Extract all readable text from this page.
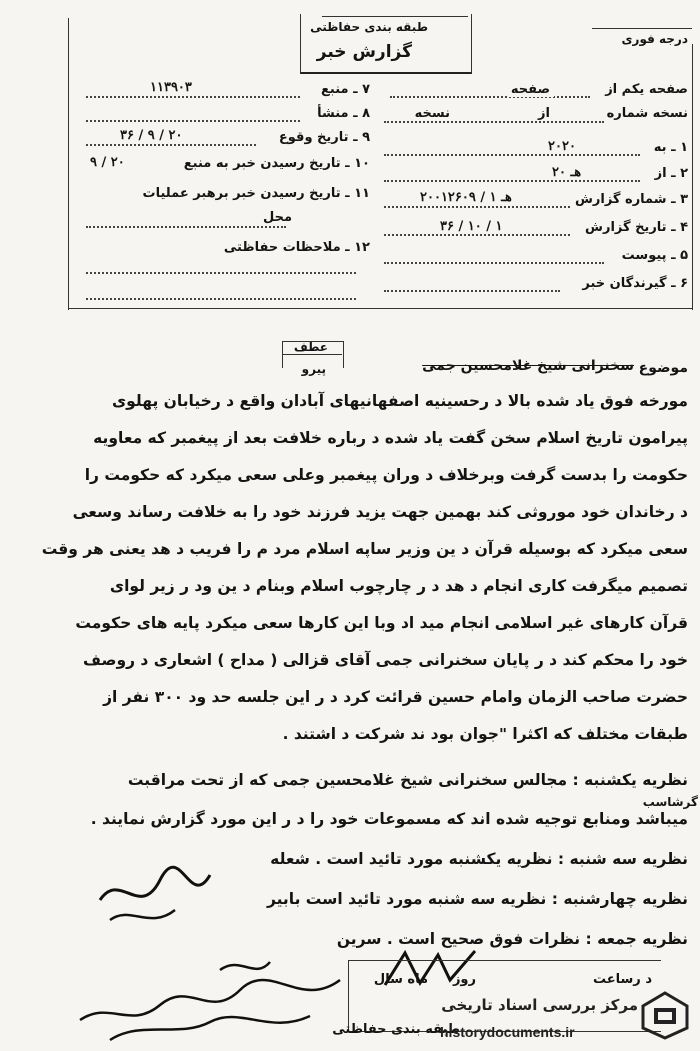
طبقه بندی حفاظتی
گزارش خبر
درجه فوری
صفحه یکم از
صفحه
نسخه شماره
از
نسخه
۱ ـ به
۲۰۲۰
۲ ـ از
۲۰ هـ
۳ ـ شماره گزارش
۲۰۰۱۲۶۰۹ / هـ ۱
۴ ـ تاریخ گزارش
۳۶ / ۱۰ / ۱
۵ ـ پیوست
۶ ـ گیرندگان خبر
۷ ـ منبع
۱۱۳۹۰۳
۸ ـ منشأ
۹ ـ تاریخ وقوع
۳۶ / ۹ / ۲۰
۱۰ ـ تاریخ رسیدن خبر به منبع
۹ / ۲۰
۱۱ ـ تاریخ رسیدن خبر برهبر عملیات
محل
۱۲ ـ ملاحظات حفاظتی
عطف
پیرو	موضوع
سخنرانی شیخ غلامحسین جمی
مورخه فوق یاد شده بالا د رحسینیه اصفهانیهای آبادان واقع د رخیابان پهلوی
پیرامون تاریخ اسلام سخن گفت یاد شده د رباره خلافت بعد از پیغمبر که معاویه
حکومت را بدست گرفت وبرخلاف د وران پیغمبر وعلی سعی میکرد که حکومت را
د رخاندان خود موروثی کند بهمین جهت یزید فرزند خود را به خلافت رساند وسعی
سعی میکرد که بوسیله قرآن د ین وزیر ساپه اسلام مرد م را فریب د هد یعنی هر وقت
تصمیم میگرفت کاری انجام د هد د ر چارچوب اسلام وبنام د ین ود ر زیر لوای
قرآن کارهای غیر اسلامی انجام مید اد وبا این کارها سعی میکرد پایه های حکومت
خود را محکم کند د ر پایان سخنرانی جمی آقای قزالی ( مداح ) اشعاری د روصف
حضرت صاحب الزمان وامام حسین قرائت کرد د ر این جلسه حد ود ۳۰۰ نفر از
طبقات مختلف که اکثرا "جوان بود ند شرکت د اشتند .
نظریه یکشنبه : مجالس سخنرانی شیخ غلامحسین جمی که از تحت مراقبت
میباشد ومنابع توجیه شده اند که مسموعات خود را د ر این مورد گزارش نمایند .
نظریه سه شنبه : نظریه یکشنبه مورد تائید است . شعله
نظریه چهارشنبه : نظریه سه شنبه مورد تائید است بابیر
نظریه جمعه : نظرات فوق صحیح است . سرین
گرشاسب
د رساعت
روز
ماه سال
طبقه بندی حفاظتی
مرکز بررسی اسناد تاریخی
historydocuments.ir
